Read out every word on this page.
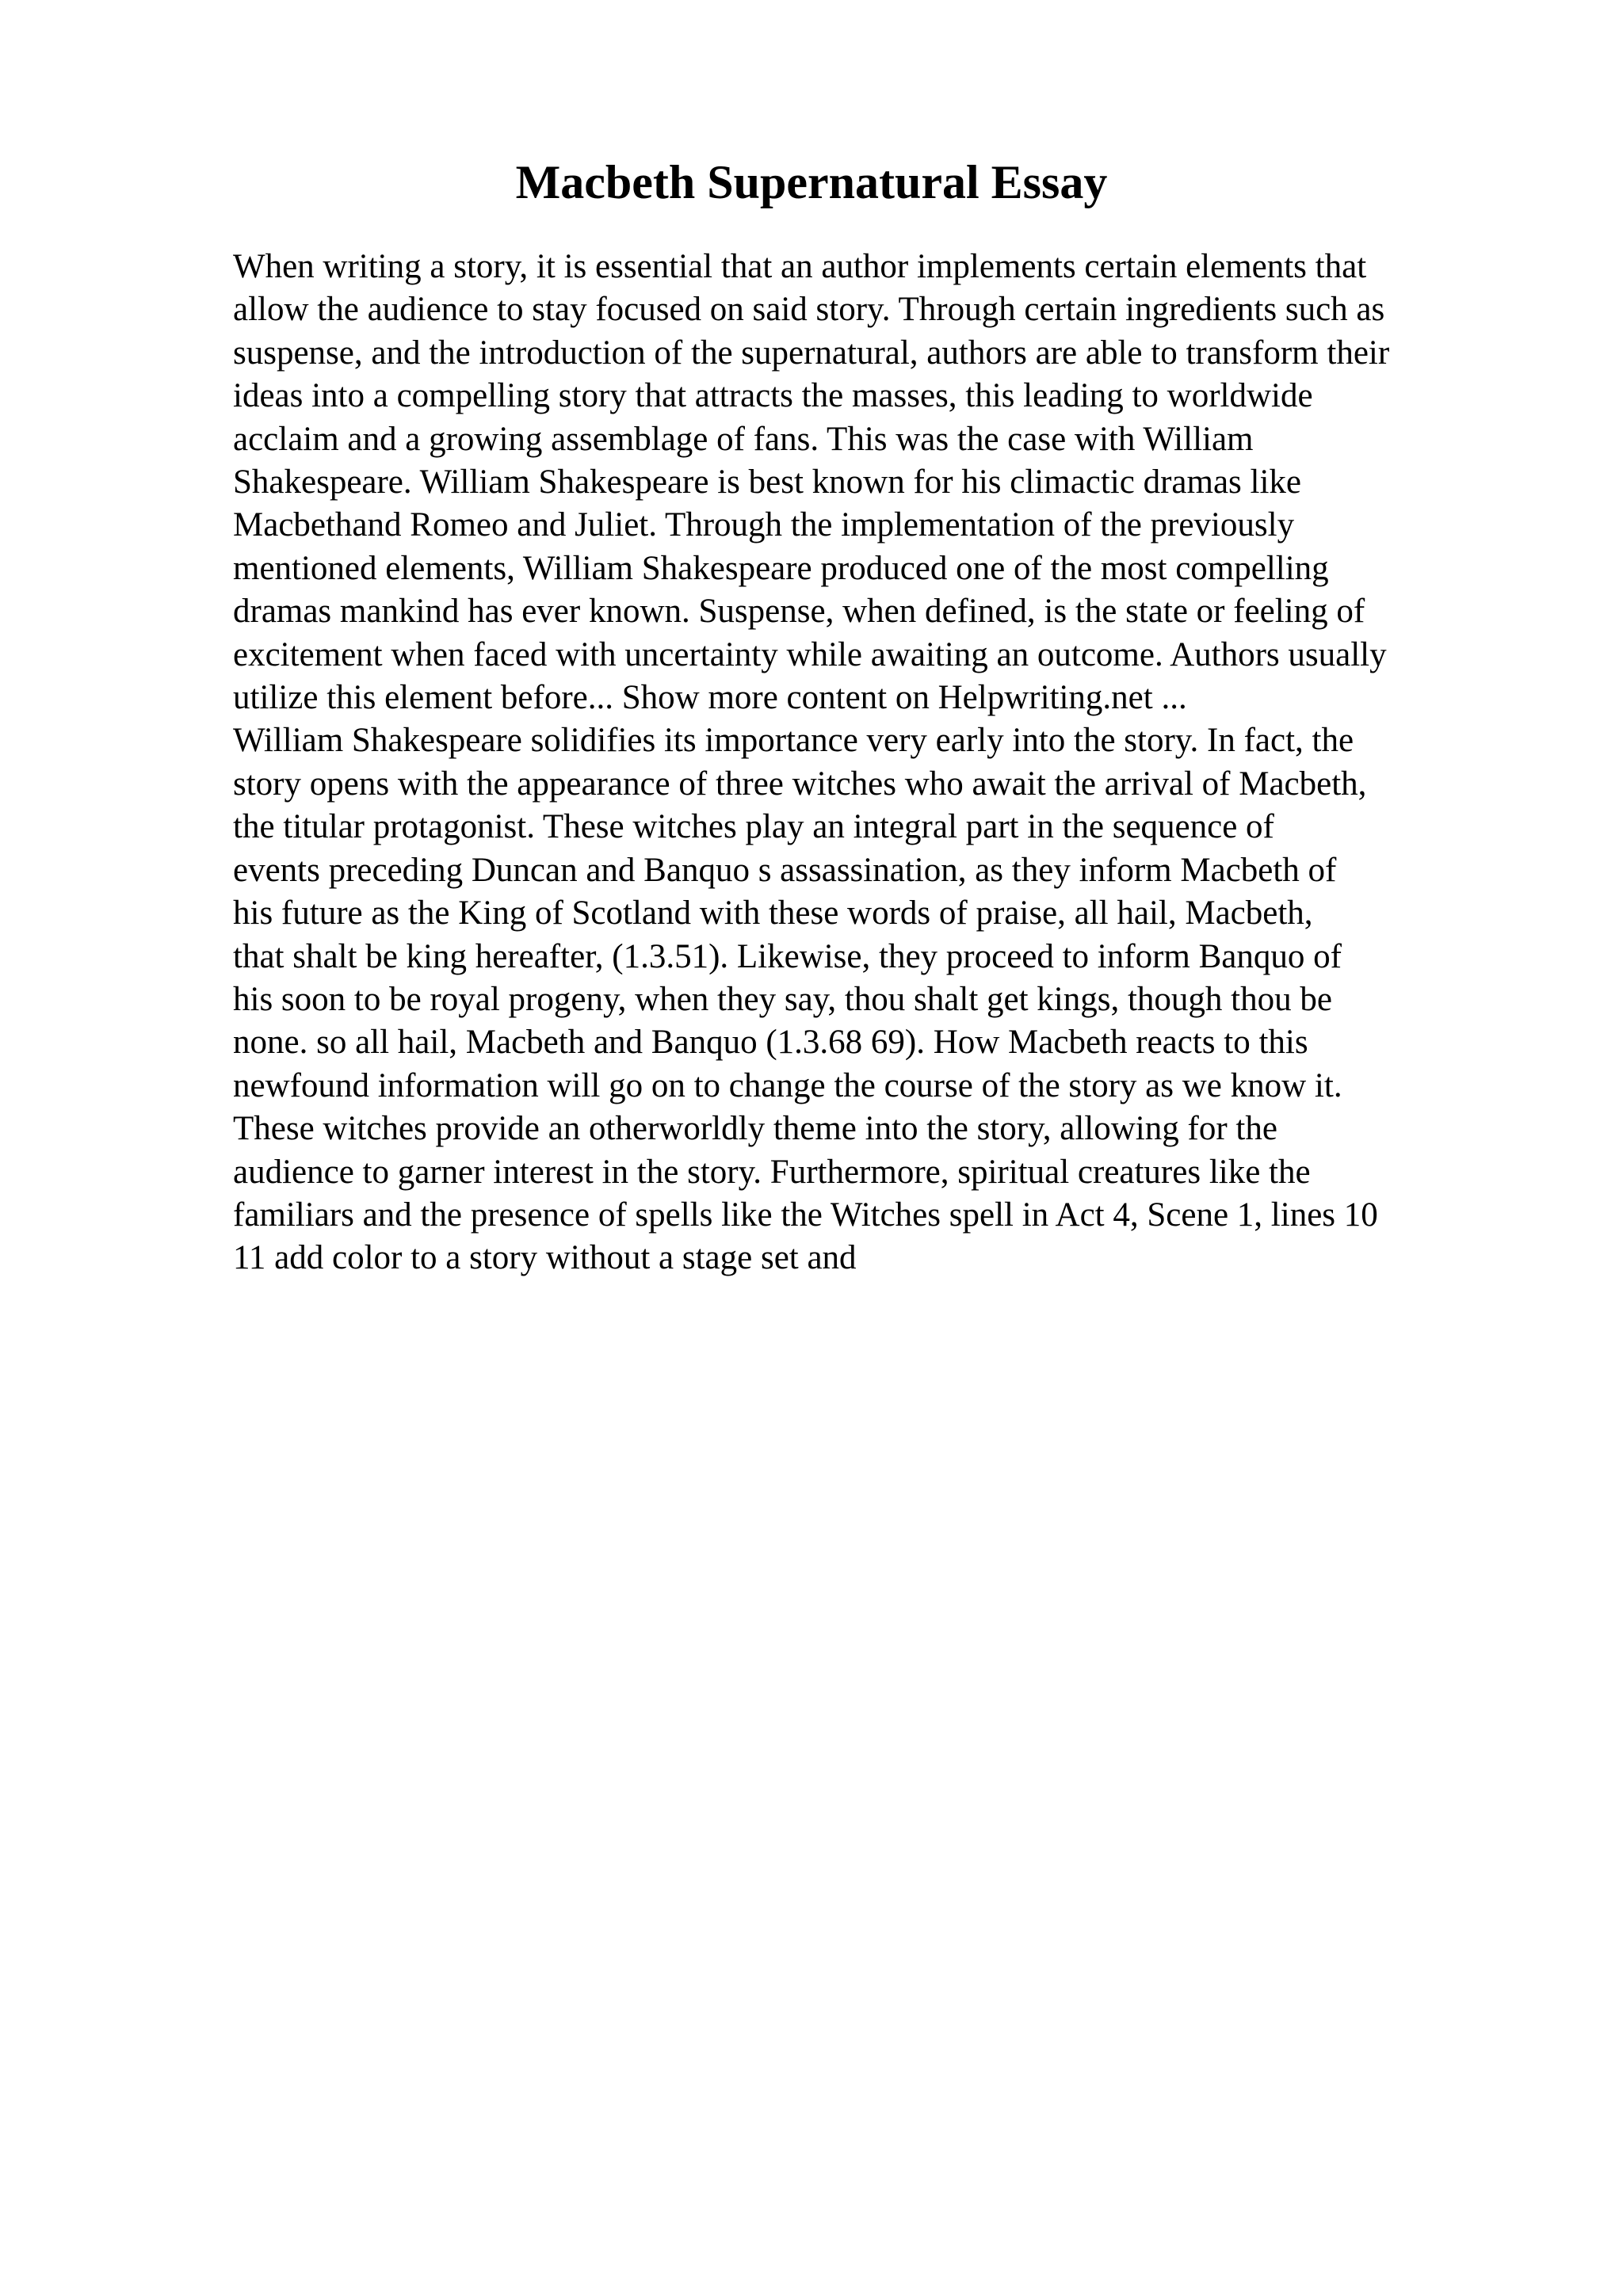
Macbeth Supernatural Essay
When writing a story, it is essential that an author implements certain elements that
allow the audience to stay focused on said story. Through certain ingredients such as
suspense, and the introduction of the supernatural, authors are able to transform their
ideas into a compelling story that attracts the masses, this leading to worldwide
acclaim and a growing assemblage of fans. This was the case with William
Shakespeare. William Shakespeare is best known for his climactic dramas like
Macbethand Romeo and Juliet. Through the implementation of the previously
mentioned elements, William Shakespeare produced one of the most compelling
dramas mankind has ever known. Suspense, when defined, is the state or feeling of
excitement when faced with uncertainty while awaiting an outcome. Authors usually
utilize this element before... Show more content on Helpwriting.net ...
William Shakespeare solidifies its importance very early into the story. In fact, the
story opens with the appearance of three witches who await the arrival of Macbeth,
the titular protagonist. These witches play an integral part in the sequence of
events preceding Duncan and Banquo s assassination, as they inform Macbeth of
his future as the King of Scotland with these words of praise, all hail, Macbeth,
that shalt be king hereafter, (1.3.51). Likewise, they proceed to inform Banquo of
his soon to be royal progeny, when they say, thou shalt get kings, though thou be
none. so all hail, Macbeth and Banquo (1.3.68 69). How Macbeth reacts to this
newfound information will go on to change the course of the story as we know it.
These witches provide an otherworldly theme into the story, allowing for the
audience to garner interest in the story. Furthermore, spiritual creatures like the
familiars and the presence of spells like the Witches spell in Act 4, Scene 1, lines 10
11 add color to a story without a stage set and
